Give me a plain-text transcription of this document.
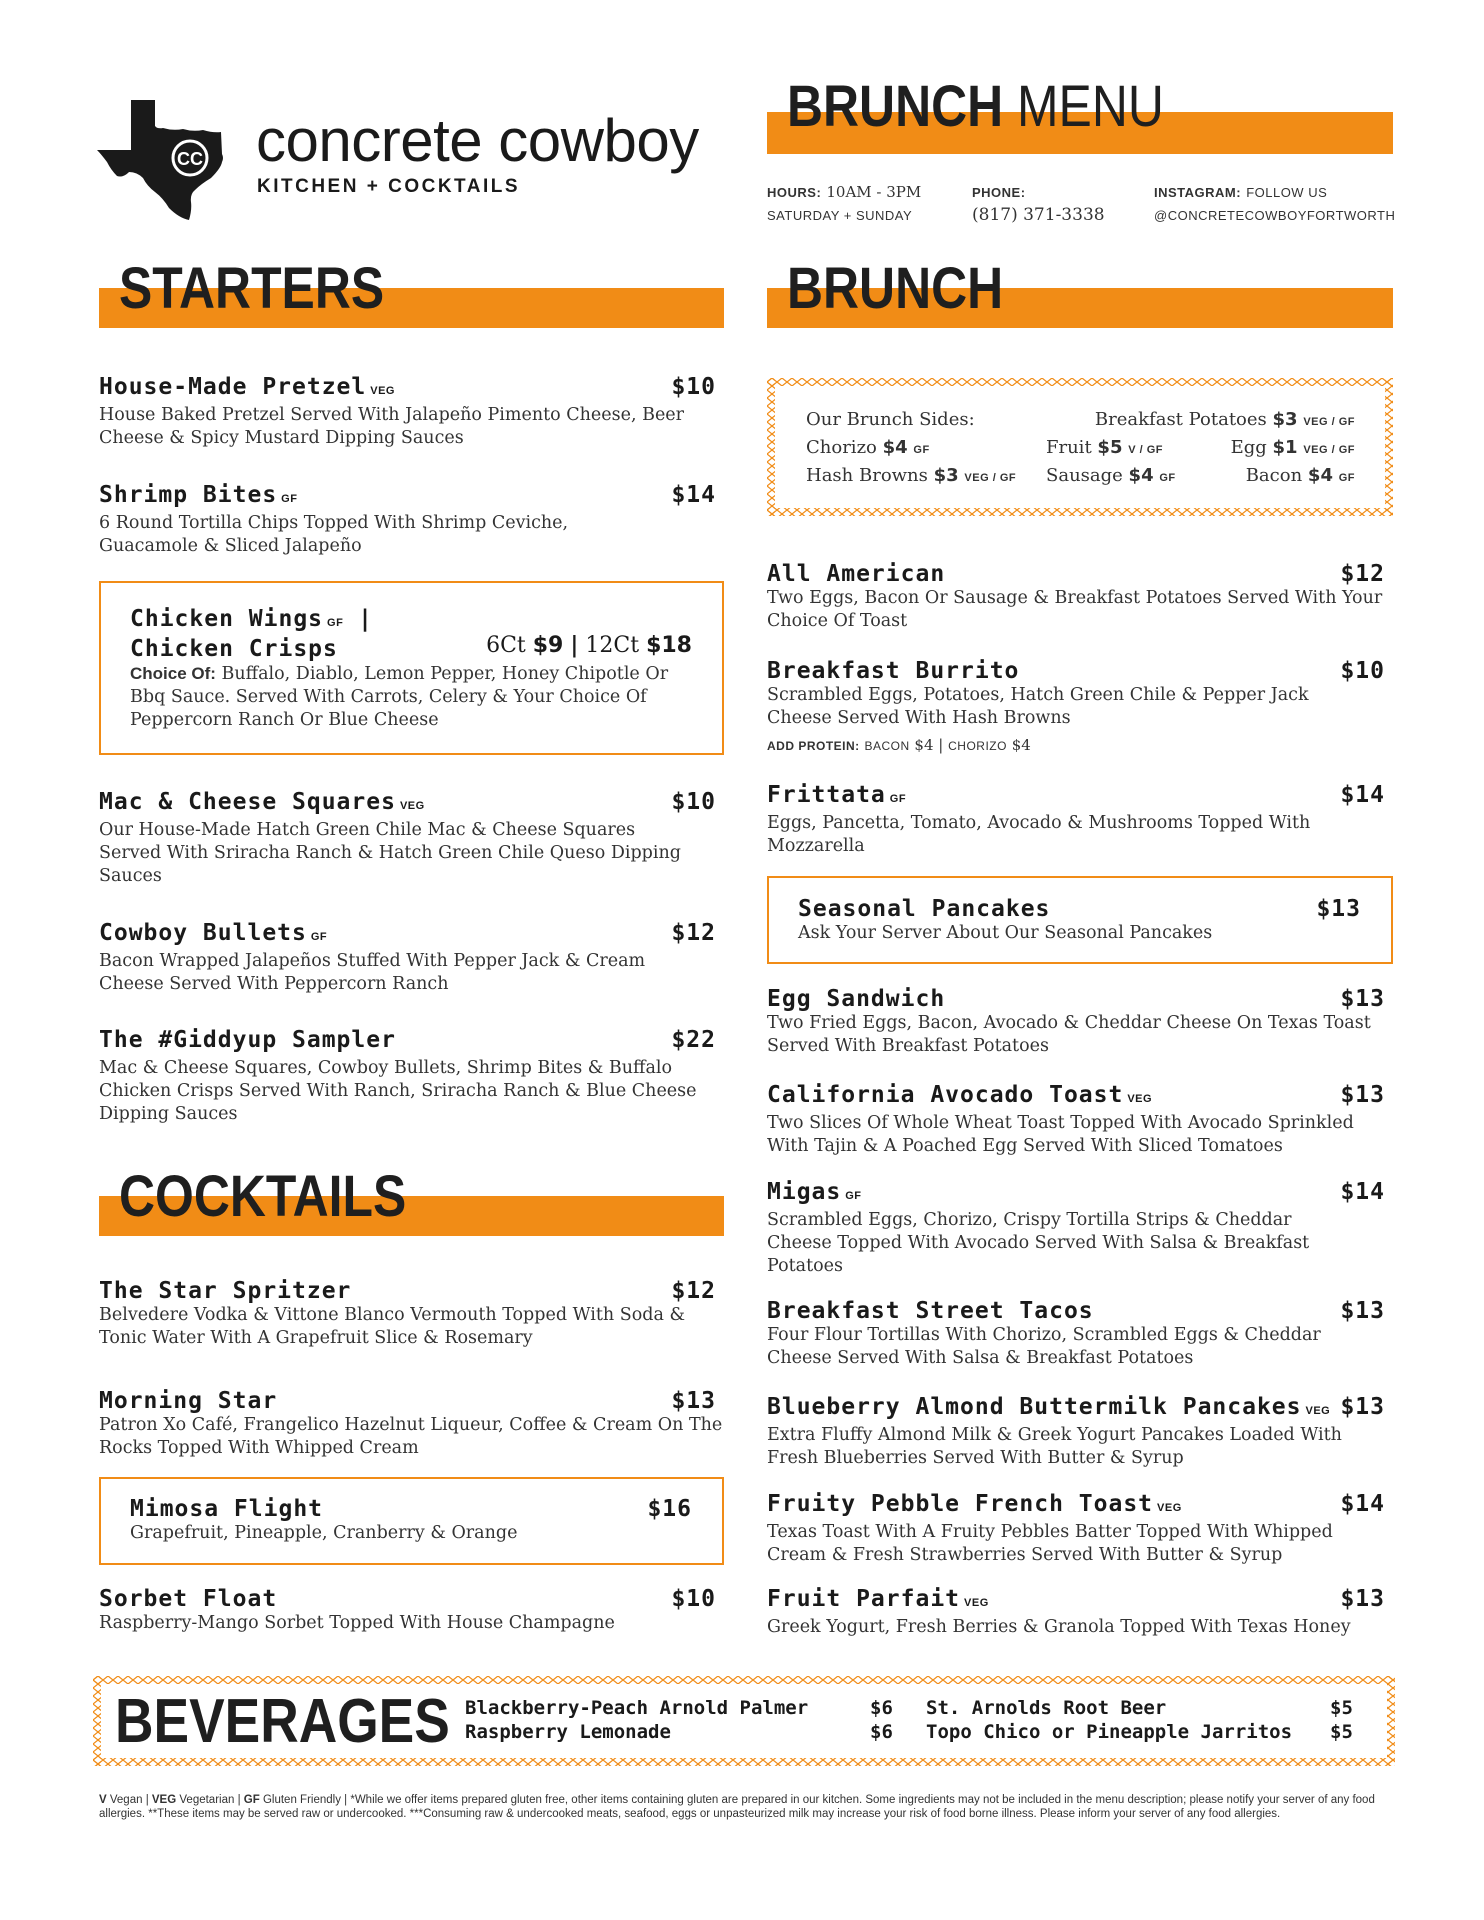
CC concrete cowboy
KITCHEN + COCKTAILS
BRUNCH MENU
HOURS: 10AM - 3PM
SATURDAY + SUNDAY
PHONE:
(817) 371-3338
INSTAGRAM: FOLLOW US
@CONCRETECOWBOYFORTWORTH
STARTERS	BRUNCH
House-Made Pretzel VEG	$10
House Baked Pretzel Served With Jalapeño Pimento Cheese, Beer Cheese & Spicy Mustard Dipping Sauces
Shrimp Bites GF	$14
6 Round Tortilla Chips Topped With Shrimp Ceviche, Guacamole & Sliced Jalapeño
Chicken Wings GF |
Chicken Crisps	6Ct $9 | 12Ct $18
Choice Of: Buffalo, Diablo, Lemon Pepper, Honey Chipotle Or Bbq Sauce. Served With Carrots, Celery & Your Choice Of Peppercorn Ranch Or Blue Cheese
Mac & Cheese Squares VEG	$10
Our House-Made Hatch Green Chile Mac & Cheese Squares Served With Sriracha Ranch & Hatch Green Chile Queso Dipping Sauces
Cowboy Bullets GF	$12
Bacon Wrapped Jalapeños Stuffed With Pepper Jack & Cream Cheese Served With Peppercorn Ranch
The #Giddyup Sampler	$22
Mac & Cheese Squares, Cowboy Bullets, Shrimp Bites & Buffalo Chicken Crisps Served With Ranch, Sriracha Ranch & Blue Cheese Dipping Sauces
COCKTAILS
The Star Spritzer	$12
Belvedere Vodka & Vittone Blanco Vermouth Topped With Soda & Tonic Water With A Grapefruit Slice & Rosemary
Morning Star	$13
Patron Xo Café, Frangelico Hazelnut Liqueur, Coffee & Cream On The Rocks Topped With Whipped Cream
Mimosa Flight	$16
Grapefruit, Pineapple, Cranberry & Orange
Sorbet Float	$10
Raspberry-Mango Sorbet Topped With House Champagne
Our Brunch Sides:	Breakfast Potatoes $3 VEG / GF
Chorizo $4 GF	Fruit $5 V / GF	Egg $1 VEG / GF
Hash Browns $3 VEG / GF Sausage $4 GF	Bacon $4 GF
All American	$12
Two Eggs, Bacon Or Sausage & Breakfast Potatoes Served With Your Choice Of Toast
Breakfast Burrito	$10
Scrambled Eggs, Potatoes, Hatch Green Chile & Pepper Jack Cheese Served With Hash Browns
ADD PROTEIN: BACON $4 | CHORIZO $4
Frittata GF	$14
Eggs, Pancetta, Tomato, Avocado & Mushrooms Topped With Mozzarella
Seasonal Pancakes	$13
Ask Your Server About Our Seasonal Pancakes
Egg Sandwich	$13
Two Fried Eggs, Bacon, Avocado & Cheddar Cheese On Texas Toast Served With Breakfast Potatoes
California Avocado Toast VEG	$13
Two Slices Of Whole Wheat Toast Topped With Avocado Sprinkled With Tajin & A Poached Egg Served With Sliced Tomatoes
Migas GF	$14
Scrambled Eggs, Chorizo, Crispy Tortilla Strips & Cheddar Cheese Topped With Avocado Served With Salsa & Breakfast Potatoes
Breakfast Street Tacos	$13
Four Flour Tortillas With Chorizo, Scrambled Eggs & Cheddar Cheese Served With Salsa & Breakfast Potatoes
Blueberry Almond Buttermilk Pancakes VEG $13
Extra Fluffy Almond Milk & Greek Yogurt Pancakes Loaded With Fresh Blueberries Served With Butter & Syrup
Fruity Pebble French Toast VEG	$14
Texas Toast With A Fruity Pebbles Batter Topped With Whipped Cream & Fresh Strawberries Served With Butter & Syrup
Fruit Parfait VEG	$13
Greek Yogurt, Fresh Berries & Granola Topped With Texas Honey
BEVERAGES Blackberry-Peach Arnold Palmer	$6
Raspberry Lemonade	$6
St. Arnolds Root Beer	$5
Topo Chico or Pineapple Jarritos $5
V Vegan | VEG Vegetarian | GF Gluten Friendly | *While we offer items prepared gluten free, other items containing gluten are prepared in our kitchen. Some ingredients may not be included in the menu description; please notify your server of any food allergies. **These items may be served raw or undercooked. ***Consuming raw & undercooked meats, seafood, eggs or unpasteurized milk may increase your risk of food borne illness. Please inform your server of any food allergies.
